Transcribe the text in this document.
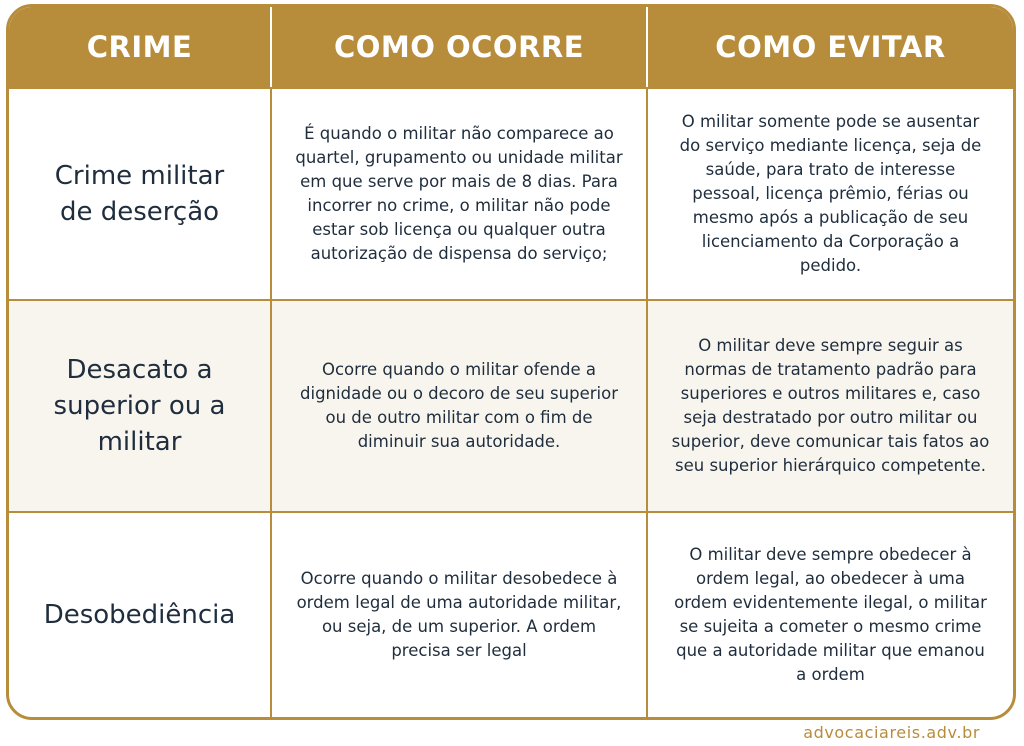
CRIME	COMO OCORRE	COMO EVITAR
Crime militar de deserção
É quando o militar não comparece ao quartel, grupamento ou unidade militar em que serve por mais de 8 dias. Para incorrer no crime, o militar não pode estar sob licença ou qualquer outra autorização de dispensa do serviço;
O militar somente pode se ausentar do serviço mediante licença, seja de saúde, para trato de interesse pessoal, licença prêmio, férias ou mesmo após a publicação de seu licenciamento da Corporação a pedido.
Desacato a superior ou a militar
Ocorre quando o militar ofende a dignidade ou o decoro de seu superior ou de outro militar com o fim de diminuir sua autoridade.
O militar deve sempre seguir as normas de tratamento padrão para superiores e outros militares e, caso seja destratado por outro militar ou superior, deve comunicar tais fatos ao seu superior hierárquico competente.
Desobediência
Ocorre quando o militar desobedece à ordem legal de uma autoridade militar, ou seja, de um superior. A ordem precisa ser legal
O militar deve sempre obedecer à ordem legal, ao obedecer à uma ordem evidentemente ilegal, o militar se sujeita a cometer o mesmo crime que a autoridade militar que emanou a ordem
advocaciareis.adv.br
